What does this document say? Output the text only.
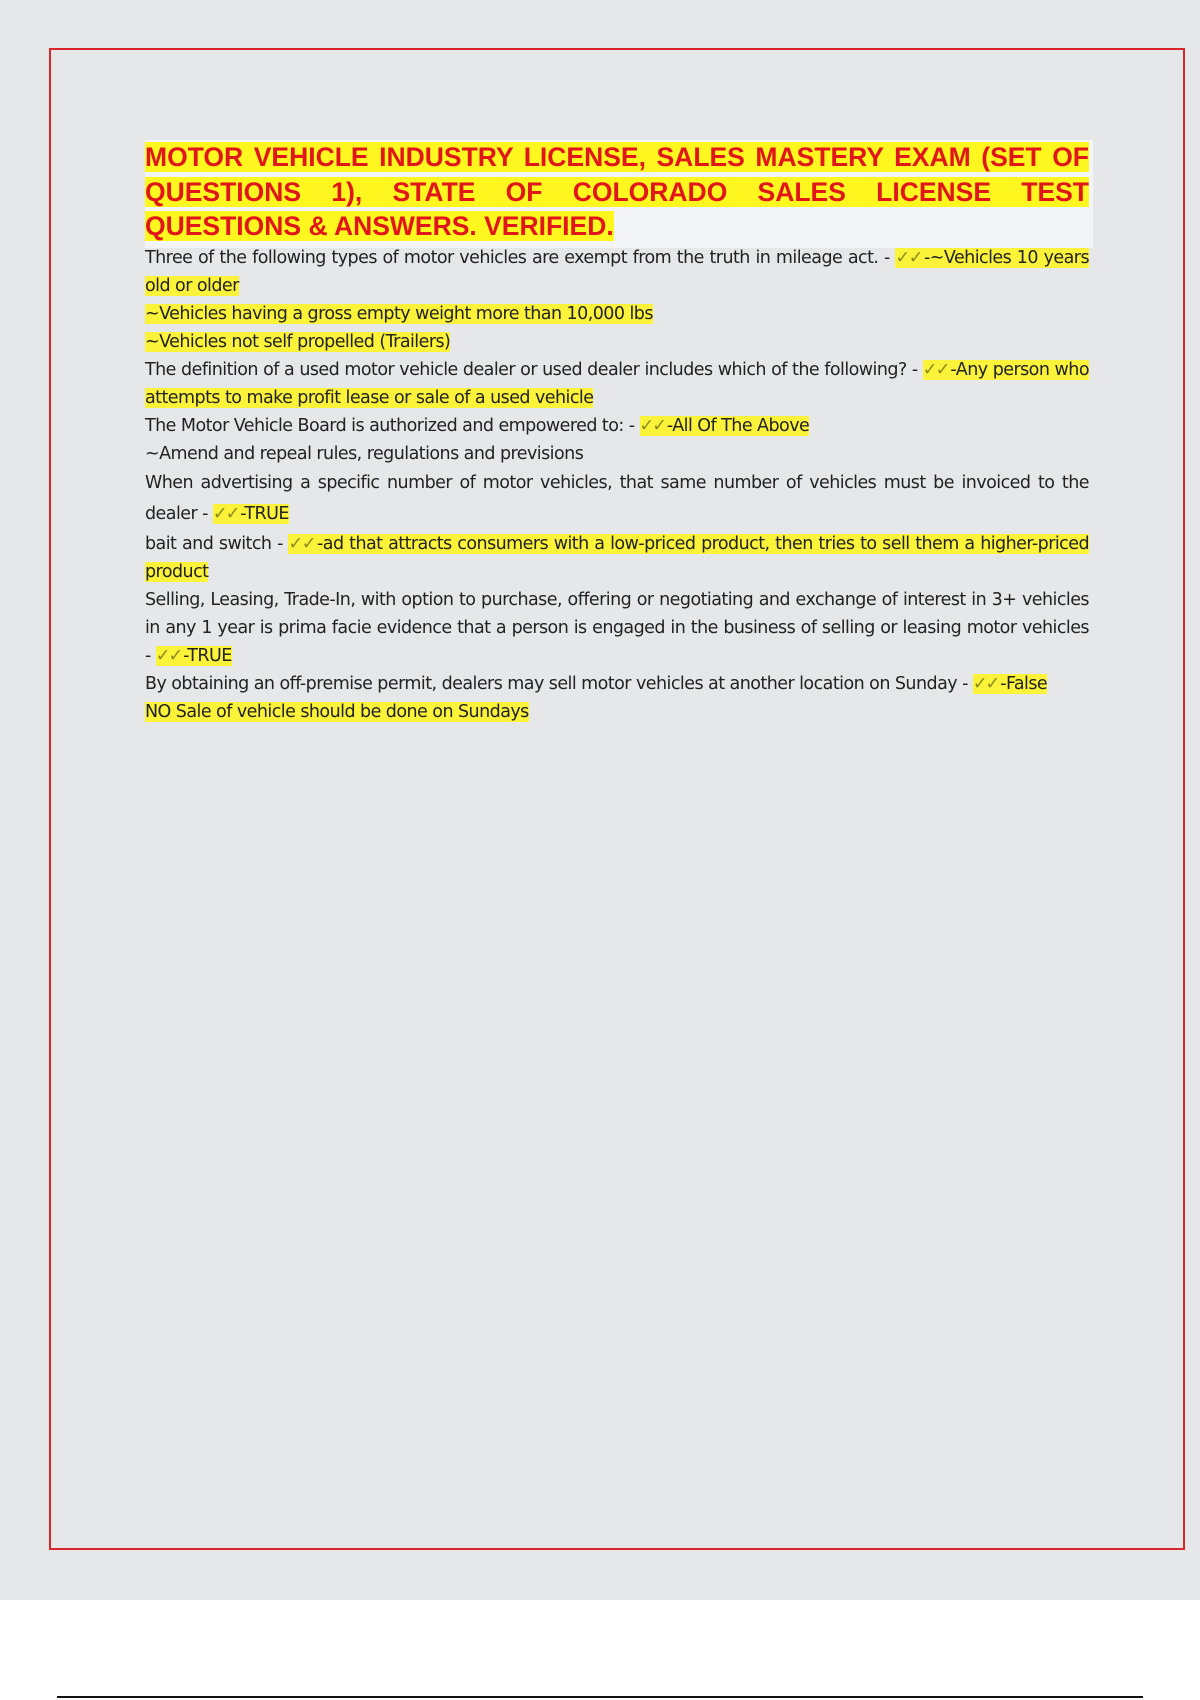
MOTOR VEHICLE INDUSTRY LICENSE, SALES MASTERY EXAM (SET OF QUESTIONS 1), STATE OF COLORADO SALES LICENSE TEST QUESTIONS & ANSWERS. VERIFIED.

Three of the following types of motor vehicles are exempt from the truth in mileage act. - ✓✓ -~Vehicles 10 years old or older

~Vehicles having a gross empty weight more than 10,000 lbs

~Vehicles not self propelled (Trailers)

The definition of a used motor vehicle dealer or used dealer includes which of the following? - ✓✓ -Any person who attempts to make profit lease or sale of a used vehicle

The Motor Vehicle Board is authorized and empowered to: - ✓✓ -All Of The Above

~Amend and repeal rules, regulations and previsions

When advertising a specific number of motor vehicles, that same number of vehicles must be invoiced to the dealer - ✓✓ -TRUE

bait and switch - ✓✓ -ad that attracts consumers with a low-priced product, then tries to sell them a higher-priced product

Selling, Leasing, Trade-In, with option to purchase, offering or negotiating and exchange of interest in 3+ vehicles in any 1 year is prima facie evidence that a person is engaged in the business of selling or leasing motor vehicles - ✓✓ -TRUE

By obtaining an off-premise permit, dealers may sell motor vehicles at another location on Sunday - ✓✓ -False

NO Sale of vehicle should be done on Sundays
